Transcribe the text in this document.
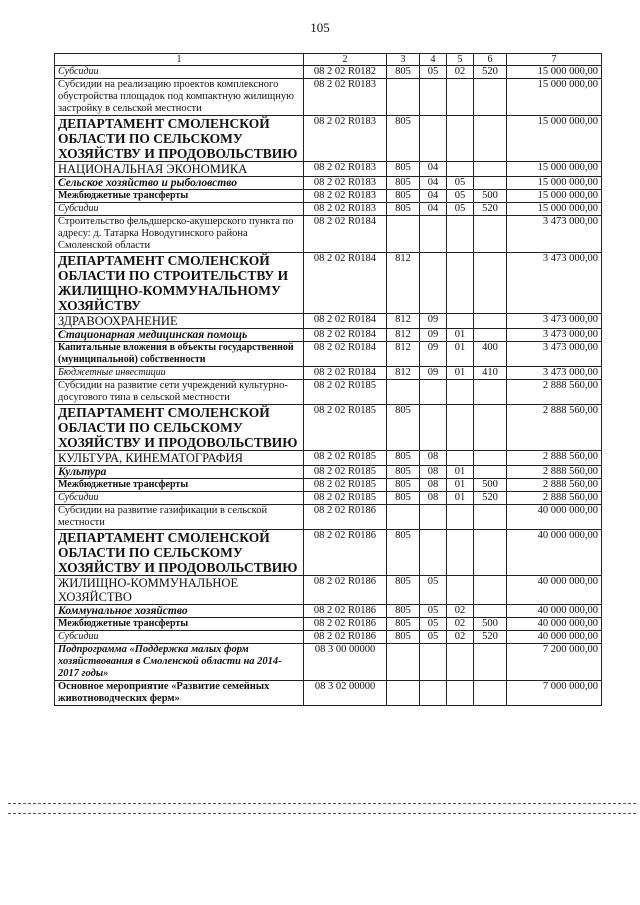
105
1	2	3	4	5	6	7
Субсидии	08 2 02 R0182	805	05	02	520	15 000 000,00
Субсидии на реализацию проектов комплексного обустройства площадок под компактную жилищную застройку в сельской местности	08 2 02 R0183					15 000 000,00
ДЕПАРТАМЕНТ СМОЛЕНСКОЙ ОБЛАСТИ ПО СЕЛЬСКОМУ ХОЗЯЙСТВУ И ПРОДОВОЛЬСТВИЮ	08 2 02 R0183	805				15 000 000,00
НАЦИОНАЛЬНАЯ ЭКОНОМИКА	08 2 02 R0183	805	04			15 000 000,00
Сельское хозяйство и рыболовство	08 2 02 R0183	805	04	05		15 000 000,00
Межбюджетные трансферты	08 2 02 R0183	805	04	05	500	15 000 000,00
Субсидии	08 2 02 R0183	805	04	05	520	15 000 000,00
Строительство фельдшерско-акушерского пункта по адресу: д. Татарка Новодугинского района Смоленской области	08 2 02 R0184					3 473 000,00
ДЕПАРТАМЕНТ СМОЛЕНСКОЙ ОБЛАСТИ ПО СТРОИТЕЛЬСТВУ И ЖИЛИЩНО-КОММУНАЛЬНОМУ ХОЗЯЙСТВУ	08 2 02 R0184	812				3 473 000,00
ЗДРАВООХРАНЕНИЕ	08 2 02 R0184	812	09			3 473 000,00
Стационарная медицинская помощь	08 2 02 R0184	812	09	01		3 473 000,00
Капитальные вложения в объекты государственной (муниципальной) собственности	08 2 02 R0184	812	09	01	400	3 473 000,00
Бюджетные инвестиции	08 2 02 R0184	812	09	01	410	3 473 000,00
Субсидии на развитие сети учреждений культурно-досугового типа в сельской местности	08 2 02 R0185					2 888 560,00
ДЕПАРТАМЕНТ СМОЛЕНСКОЙ ОБЛАСТИ ПО СЕЛЬСКОМУ ХОЗЯЙСТВУ И ПРОДОВОЛЬСТВИЮ	08 2 02 R0185	805				2 888 560,00
КУЛЬТУРА, КИНЕМАТОГРАФИЯ	08 2 02 R0185	805	08			2 888 560,00
Культура	08 2 02 R0185	805	08	01		2 888 560,00
Межбюджетные трансферты	08 2 02 R0185	805	08	01	500	2 888 560,00
Субсидии	08 2 02 R0185	805	08	01	520	2 888 560,00
Субсидии на развитие газификации в сельской местности	08 2 02 R0186					40 000 000,00
ДЕПАРТАМЕНТ СМОЛЕНСКОЙ ОБЛАСТИ ПО СЕЛЬСКОМУ ХОЗЯЙСТВУ И ПРОДОВОЛЬСТВИЮ	08 2 02 R0186	805				40 000 000,00
ЖИЛИЩНО-КОММУНАЛЬНОЕ ХОЗЯЙСТВО	08 2 02 R0186	805	05			40 000 000,00
Коммунальное хозяйство	08 2 02 R0186	805	05	02		40 000 000,00
Межбюджетные трансферты	08 2 02 R0186	805	05	02	500	40 000 000,00
Субсидии	08 2 02 R0186	805	05	02	520	40 000 000,00
Подпрограмма «Поддержка малых форм хозяйствования в Смоленской области на 2014-2017 годы»	08 3 00 00000					7 200 000,00
Основное мероприятие «Развитие семейных животноводческих ферм»	08 3 02 00000					7 000 000,00
